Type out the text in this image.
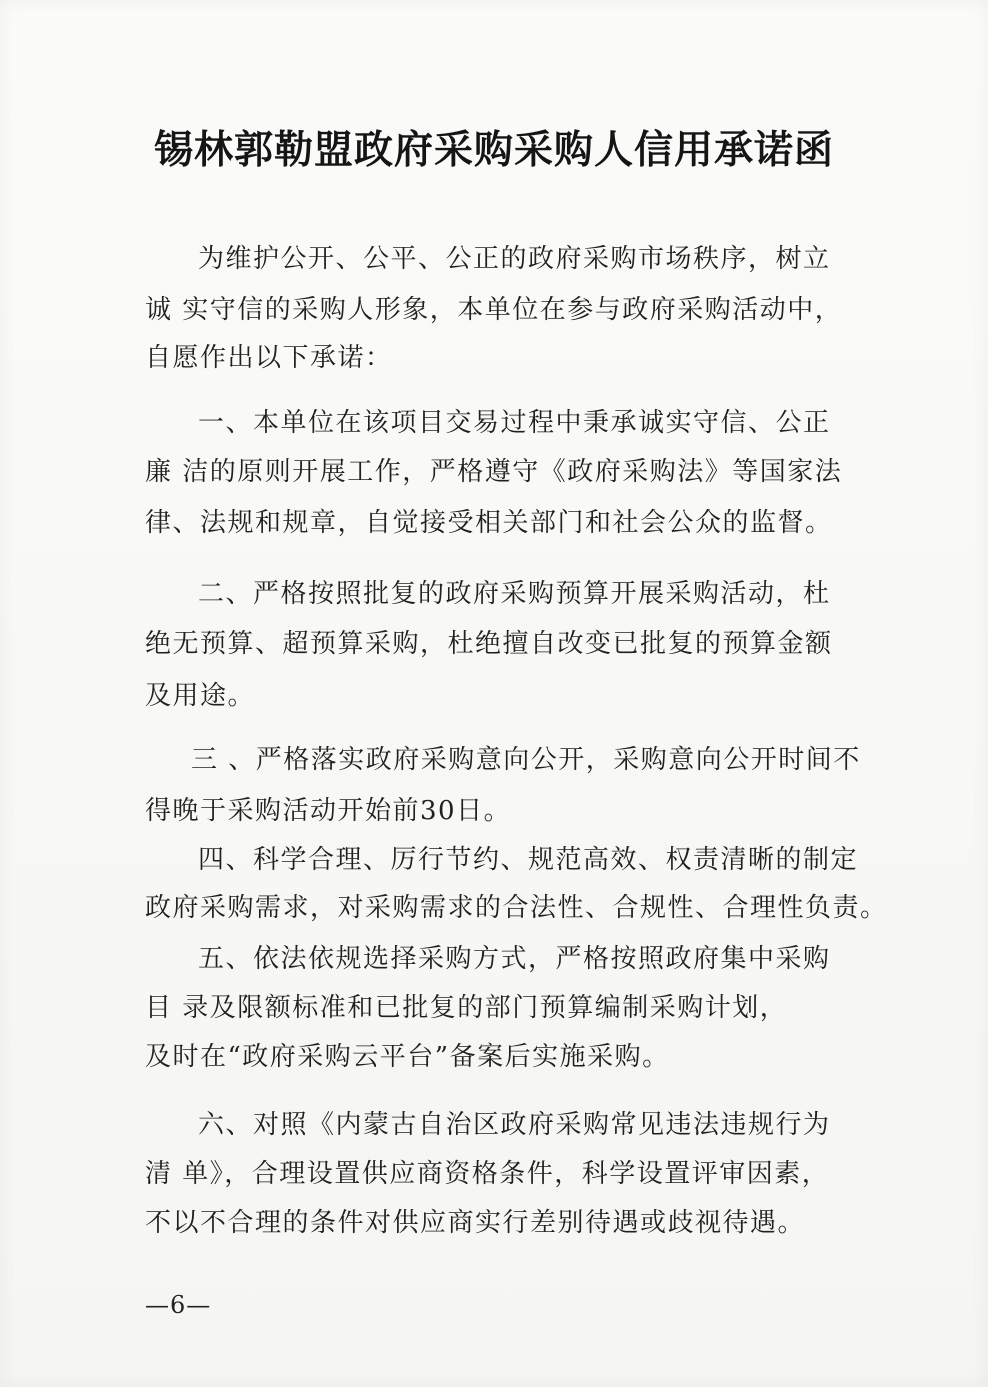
锡林郭勒盟政府采购采购人信用承诺函
为维护公开、公平、公正的政府采购市场秩序，树立
诚 实守信的采购人形象，本单位在参与政府采购活动中，
自愿作出以下承诺：
一、本单位在该项目交易过程中秉承诚实守信、公正
廉 洁的原则开展工作，严格遵守《政府采购法》等国家法
律、法规和规章，自觉接受相关部门和社会公众的监督。
二、严格按照批复的政府采购预算开展采购活动，杜
绝无预算、超预算采购，杜绝擅自改变已批复的预算金额
及用途。
三 、严格落实政府采购意向公开，采购意向公开时间不
得晚于采购活动开始前30日。
四、科学合理、厉行节约、规范高效、权责清晰的制定
政府采购需求，对采购需求的合法性、合规性、合理性负责。
五、依法依规选择采购方式，严格按照政府集中采购
目 录及限额标准和已批复的部门预算编制采购计划，
及时在“政府采购云平台”备案后实施采购。
六、对照《内蒙古自治区政府采购常见违法违规行为
清 单》，合理设置供应商资格条件，科学设置评审因素，
不以不合理的条件对供应商实行差别待遇或歧视待遇。
—6—
